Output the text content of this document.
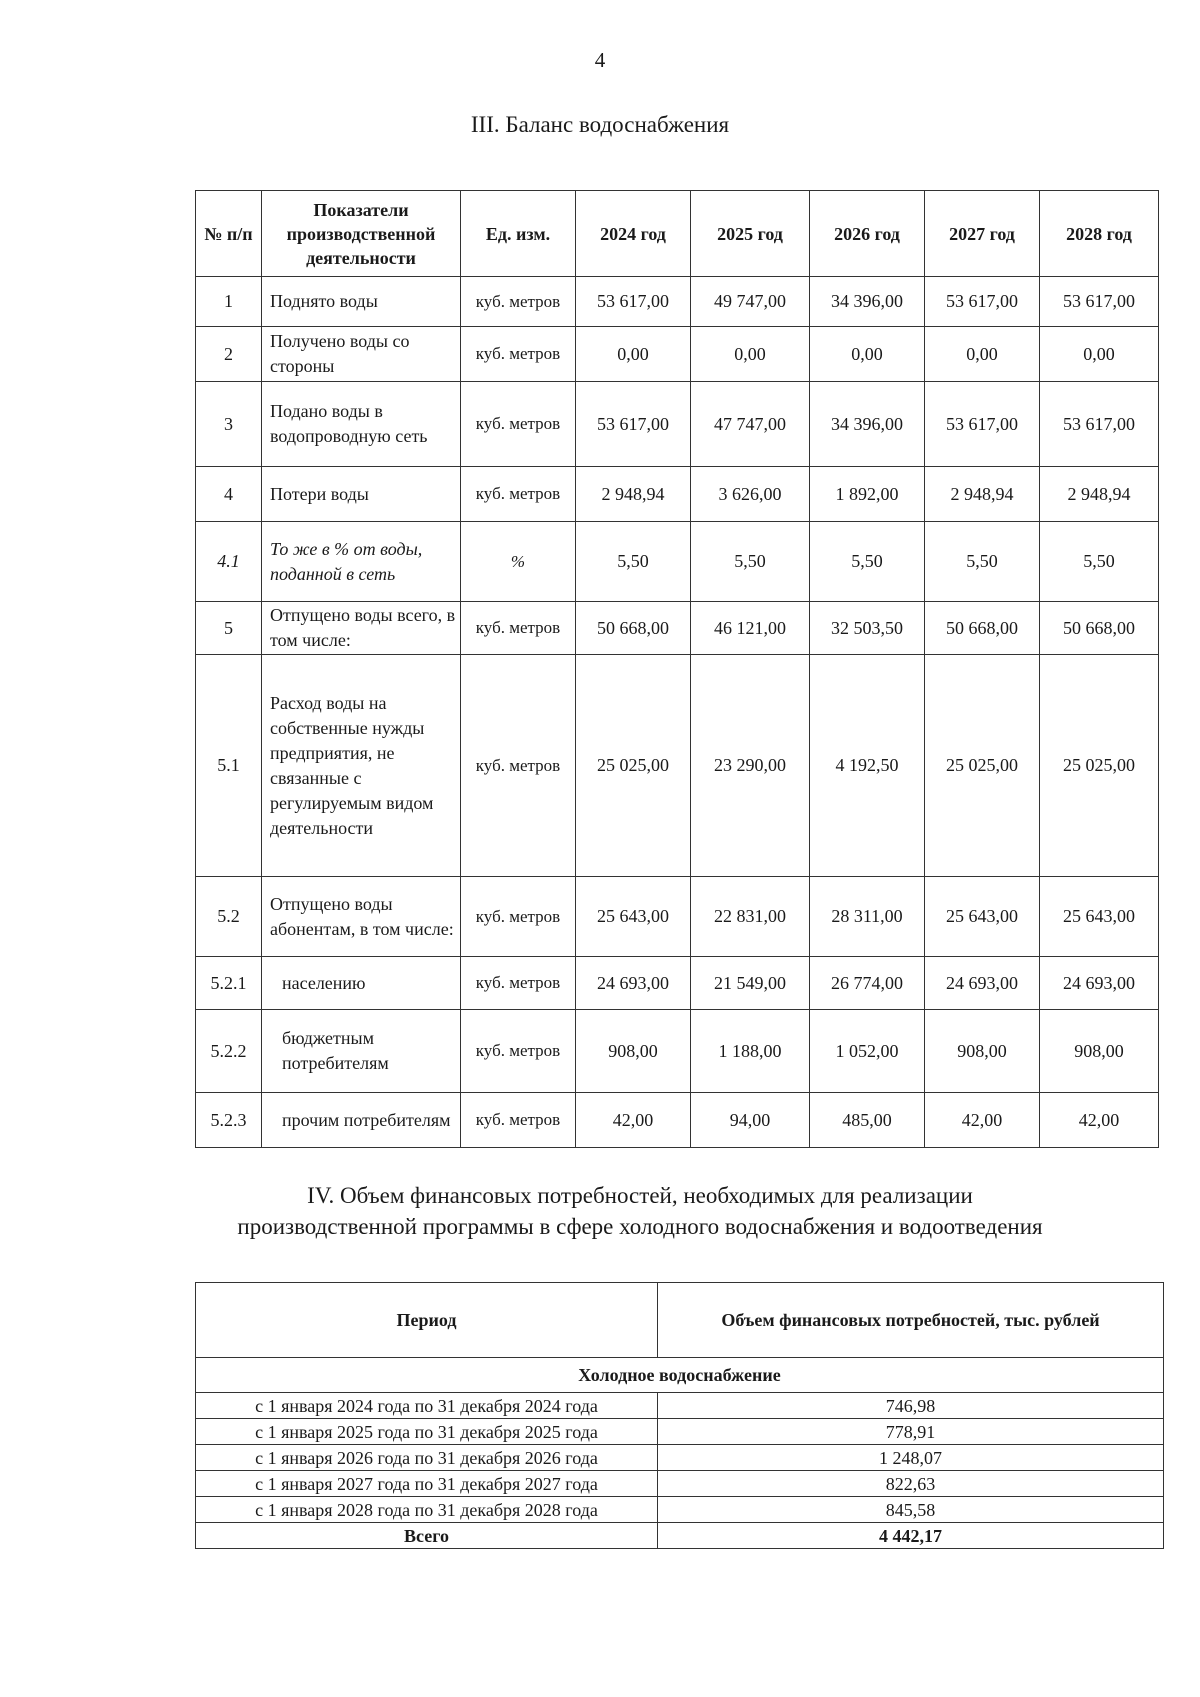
4
III. Баланс водоснабжения
№ п/п	Показатели производственной деятельности	Ед. изм.	2024 год	2025 год	2026 год	2027 год	2028 год
1	Поднято воды	куб. метров	53 617,00	49 747,00	34 396,00	53 617,00	53 617,00
2	Получено воды со стороны	куб. метров	0,00	0,00	0,00	0,00	0,00
3	Подано воды в водопроводную сеть	куб. метров	53 617,00	47 747,00	34 396,00	53 617,00	53 617,00
4	Потери воды	куб. метров	2 948,94	3 626,00	1 892,00	2 948,94	2 948,94
4.1	То же в % от воды, поданной в сеть	%	5,50	5,50	5,50	5,50	5,50
5	Отпущено воды всего, в том числе:	куб. метров	50 668,00	46 121,00	32 503,50	50 668,00	50 668,00
5.1	Расход воды на собственные нужды предприятия, не связанные с регулируемым видом деятельности	куб. метров	25 025,00	23 290,00	4 192,50	25 025,00	25 025,00
5.2	Отпущено воды абонентам, в том числе:	куб. метров	25 643,00	22 831,00	28 311,00	25 643,00	25 643,00
5.2.1	населению	куб. метров	24 693,00	21 549,00	26 774,00	24 693,00	24 693,00
5.2.2	бюджетным потребителям	куб. метров	908,00	1 188,00	1 052,00	908,00	908,00
5.2.3	прочим потребителям	куб. метров	42,00	94,00	485,00	42,00	42,00
IV. Объем финансовых потребностей, необходимых для реализации
производственной программы в сфере холодного водоснабжения и водоотведения
Период	Объем финансовых потребностей, тыс. рублей
Холодное водоснабжение	
с 1 января 2024 года по 31 декабря 2024 года	746,98
с 1 января 2025 года по 31 декабря 2025 года	778,91
с 1 января 2026 года по 31 декабря 2026 года	1 248,07
с 1 января 2027 года по 31 декабря 2027 года	822,63
с 1 января 2028 года по 31 декабря 2028 года	845,58
Всего	4 442,17
